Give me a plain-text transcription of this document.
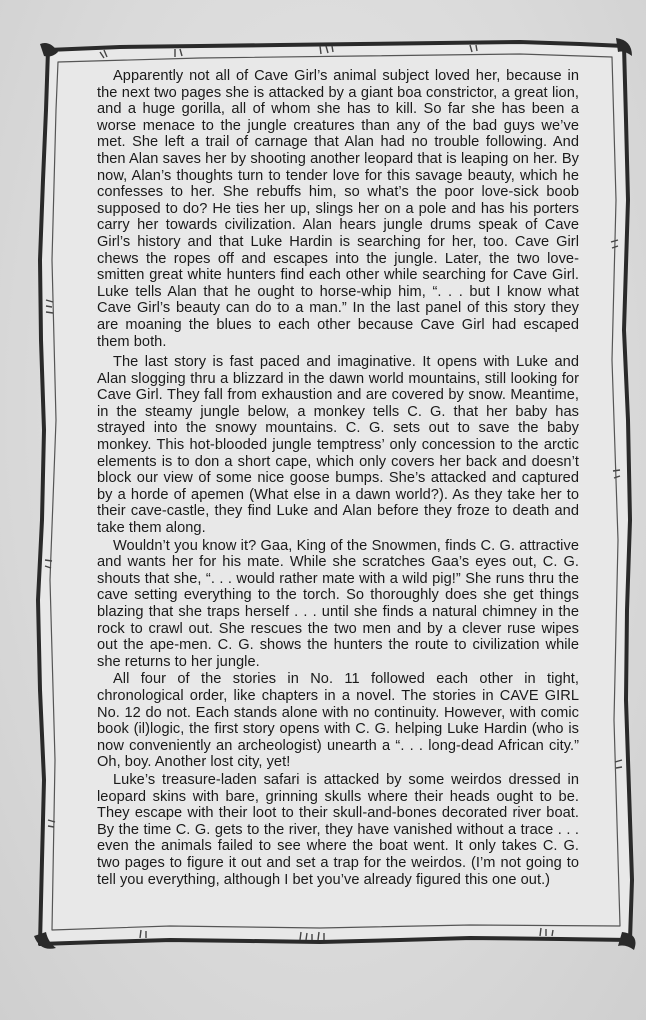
Apparently not all of Cave Girl’s animal subject loved her, because in the next two pages she is attacked by a giant boa constrictor, a great lion, and a huge gorilla, all of whom she has to kill. So far she has been a worse menace to the jungle creatures than any of the bad guys we’ve met. She left a trail of carnage that Alan had no trouble following. And then Alan saves her by shooting another leopard that is leaping on her. By now, Alan’s thoughts turn to tender love for this savage beauty, which he confesses to her. She rebuffs him, so what’s the poor love-sick boob supposed to do? He ties her up, slings her on a pole and has his porters carry her towards civilization. Alan hears jungle drums speak of Cave Girl’s history and that Luke Hardin is searching for her, too. Cave Girl chews the ropes off and escapes into the jungle. Later, the two love-smitten great white hunters find each other while searching for Cave Girl. Luke tells Alan that he ought to horse-whip him, “. . . but I know what Cave Girl’s beauty can do to a man.” In the last panel of this story they are moaning the blues to each other because Cave Girl had escaped them both.

The last story is fast paced and imaginative. It opens with Luke and Alan slogging thru a blizzard in the dawn world mountains, still looking for Cave Girl. They fall from exhaustion and are covered by snow. Meantime, in the steamy jungle below, a monkey tells C. G. that her baby has strayed into the snowy mountains. C. G. sets out to save the baby monkey. This hot-blooded jungle temptress’ only concession to the arctic elements is to don a short cape, which only covers her back and doesn’t block our view of some nice goose bumps. She’s attacked and captured by a horde of apemen (What else in a dawn world?). As they take her to their cave-castle, they find Luke and Alan before they froze to death and take them along.

Wouldn’t you know it? Gaa, King of the Snowmen, finds C. G. attractive and wants her for his mate. While she scratches Gaa’s eyes out, C. G. shouts that she, “. . . would rather mate with a wild pig!” She runs thru the cave setting everything to the torch. So thoroughly does she get things blazing that she traps herself . . . until she finds a natural chimney in the rock to crawl out. She rescues the two men and by a clever ruse wipes out the ape-men. C. G. shows the hunters the route to civilization while she returns to her jungle.

All four of the stories in No. 11 followed each other in tight, chronological order, like chapters in a novel. The stories in CAVE GIRL No. 12 do not. Each stands alone with no continuity. However, with comic book (il)logic, the first story opens with C. G. helping Luke Hardin (who is now conveniently an archeologist) unearth a “. . . long-dead African city.” Oh, boy. Another lost city, yet!

Luke’s treasure-laden safari is attacked by some weirdos dressed in leopard skins with bare, grinning skulls where their heads ought to be. They escape with their loot to their skull-and-bones decorated river boat. By the time C. G. gets to the river, they have vanished without a trace . . . even the animals failed to see where the boat went. It only takes C. G. two pages to figure it out and set a trap for the weirdos. (I’m not going to tell you everything, although I bet you’ve already figured this one out.)
